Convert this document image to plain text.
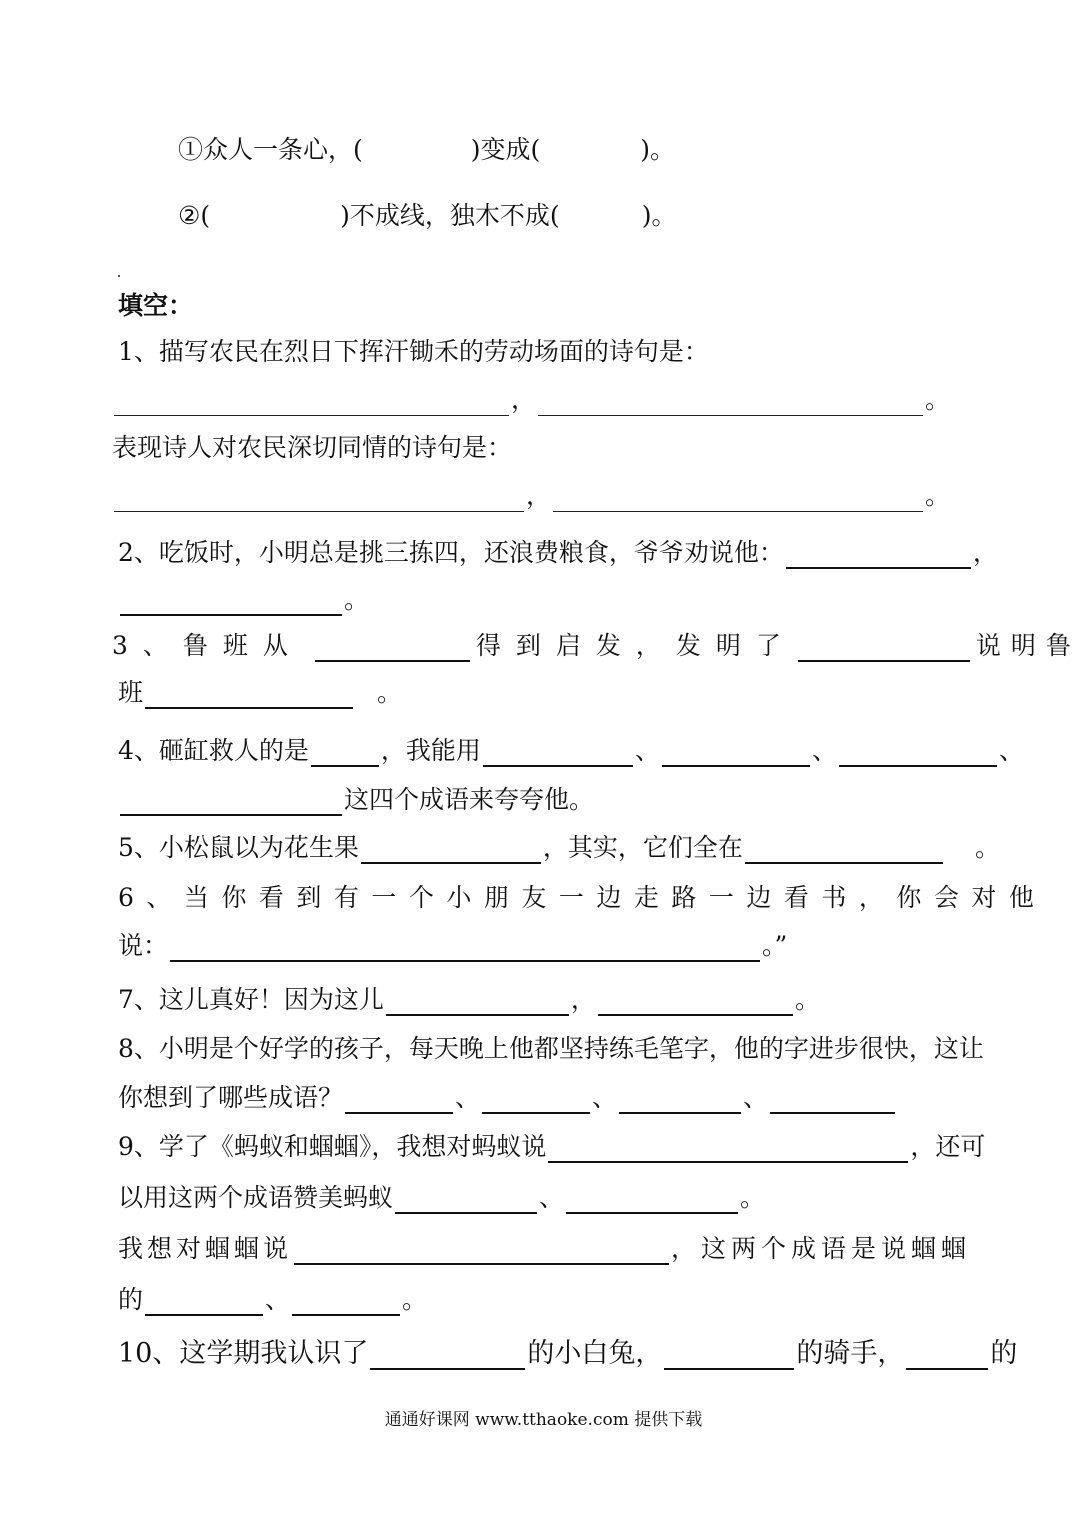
①众人一条心，(	)变成(	)。
②(	)不成线，独木不成(	)。
填空：
1、描写农民在烈日下挥汗锄禾的劳动场面的诗句是：
，	。
表现诗人对农民深切同情的诗句是：
，	。
2、吃饭时，小明总是挑三拣四，还浪费粮食，爷爷劝说他：	，
。
3、鲁班从	得到启发，发明了	说明鲁
班	。
4、砸缸救人的是	，我能用	、	、	、
这四个成语来夸夸他。
5、小松鼠以为花生果	，其实，它们全在	。
6、当你看到有一个小朋友一边走路一边看书，你会对他
说：	。”
7、这儿真好！因为这儿	，	。
8、小明是个好学的孩子，每天晚上他都坚持练毛笔字，他的字进步很快，这让
你想到了哪些成语？	、	、	、
9、学了《蚂蚁和蝈蝈》，我想对蚂蚁说	，还可
以用这两个成语赞美蚂蚁	、	。
我想对蝈蝈说	，这两个成语是说蝈蝈
的	、	。
10、这学期我认识了	的小白兔，	的骑手，	的
通通好课网 www.tthaoke.com 提供下载
